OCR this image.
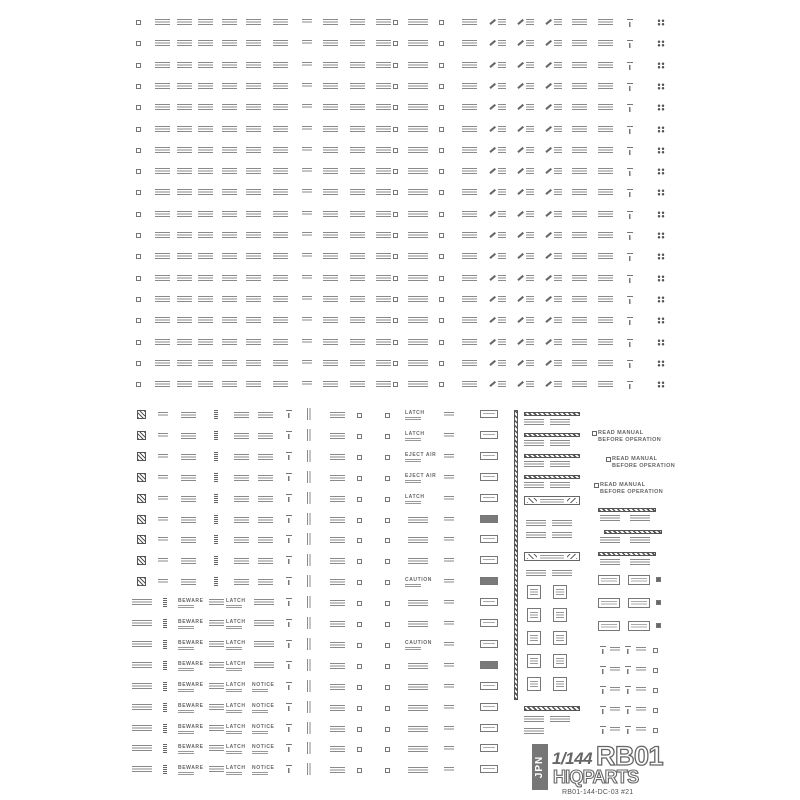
JPN 1/144 RB01
HIQPARTS
RB01-144-DC-03 #21
LATCH
LATCH
EJECT AIR
EJECT AIR
LATCH
CAUTION
BEWARE	LATCH
BEWARE	LATCH
BEWARE	LATCH	CAUTION
BEWARE	LATCH
BEWARE	LATCH NOTICE
BEWARE	LATCH NOTICE
BEWARE	LATCH NOTICE
BEWARE	LATCH NOTICE
BEWARE	LATCH NOTICE
READ MANUAL
BEFORE OPERATION
READ MANUAL
BEFORE OPERATION
READ MANUAL
BEFORE OPERATION
